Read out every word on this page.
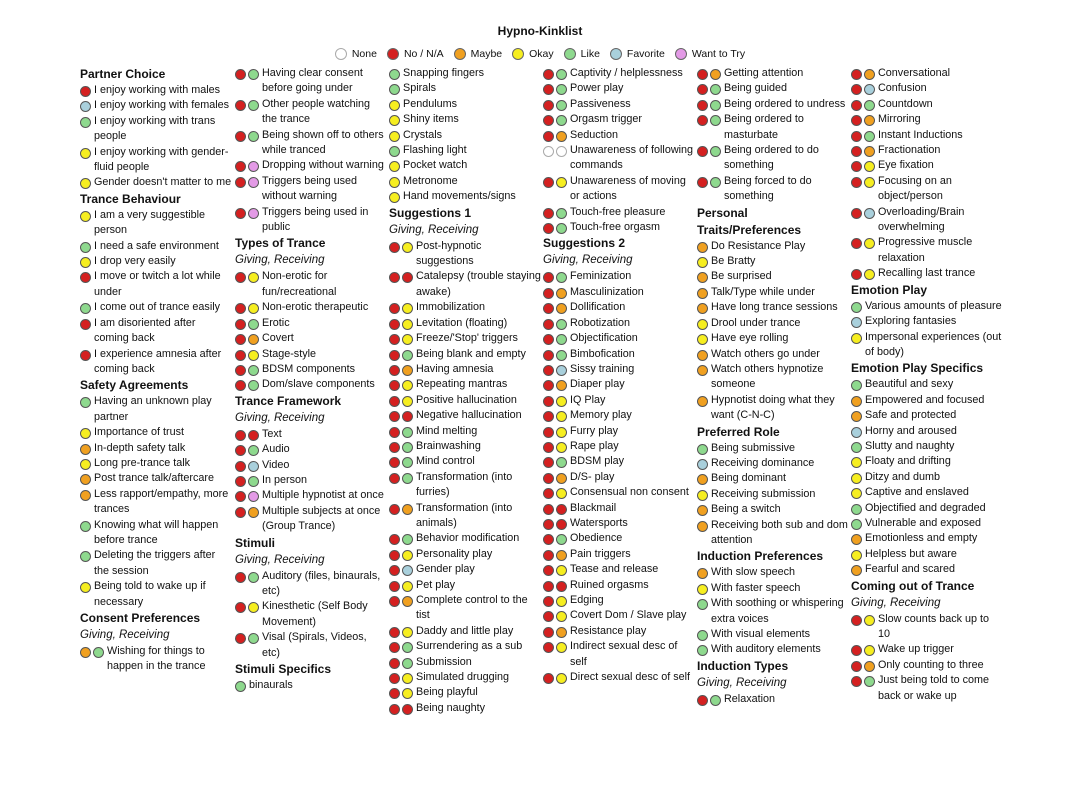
Hypno-Kinklist
None	No / N/A	Maybe	Okay	Like	Favorite	Want to Try
Partner Choice
I enjoy working with males
I enjoy working with females
I enjoy working with trans people
I enjoy working with gender-fluid people
Gender doesn't matter to me
Trance Behaviour
I am a very suggestible person
I need a safe environment
I drop very easily
I move or twitch a lot while under
I come out of trance easily
I am disoriented after coming back
I experience amnesia after coming back
Safety Agreements
Having an unknown play partner
Importance of trust
In-depth safety talk
Long pre-trance talk
Post trance talk/aftercare
Less rapport/empathy, more trances
Knowing what will happen before trance
Deleting the triggers after the session
Being told to wake up if necessary
Consent Preferences
Giving, Receiving
Wishing for things to happen in the trance
Having clear consent before going under
Other people watching the trance
Being shown off to others while tranced
Dropping without warning
Triggers being used without warning
Triggers being used in public
Types of Trance
Giving, Receiving
Non-erotic for fun/recreational
Non-erotic therapeutic
Erotic
Covert
Stage-style
BDSM components
Dom/slave components
Trance Framework
Giving, Receiving
Text
Audio
Video
In person
Multiple hypnotist at once
Multiple subjects at once (Group Trance)
Stimuli
Giving, Receiving
Auditory (files, binaurals, etc)
Kinesthetic (Self Body Movement)
Visal (Spirals, Videos, etc)
Stimuli Specifics
binaurals
Snapping fingers
Spirals
Pendulums
Shiny items
Crystals
Flashing light
Pocket watch
Metronome
Hand movements/signs
Suggestions 1
Giving, Receiving
Post-hypnotic suggestions
Catalepsy (trouble staying awake)
Immobilization
Levitation (floating)
Freeze/'Stop' triggers
Being blank and empty
Having amnesia
Repeating mantras
Positive hallucination
Negative hallucination
Mind melting
Brainwashing
Mind control
Transformation (into furries)
Transformation (into animals)
Behavior modification
Personality play
Gender play
Pet play
Complete control to the tist
Daddy and little play
Surrendering as a sub
Submission
Simulated drugging
Being playful
Being naughty
Captivity / helplessness
Power play
Passiveness
Orgasm trigger
Seduction
Unawareness of following commands
Unawareness of moving or actions
Touch-free pleasure
Touch-free orgasm
Suggestions 2
Giving, Receiving
Feminization
Masculinization
Dollification
Robotization
Objectification
Bimbofication
Sissy training
Diaper play
IQ Play
Memory play
Furry play
Rape play
BDSM play
D/S- play
Consensual non consent
Blackmail
Watersports
Obedience
Pain triggers
Tease and release
Ruined orgasms
Edging
Covert Dom / Slave play
Resistance play
Indirect sexual desc of self
Direct sexual desc of self
Getting attention
Being guided
Being ordered to undress
Being ordered to masturbate
Being ordered to do something
Being forced to do something
Personal
Traits/Preferences
Do Resistance Play
Be Bratty
Be surprised
Talk/Type while under
Have long trance sessions
Drool under trance
Have eye rolling
Watch others go under
Watch others hypnotize someone
Hypnotist doing what they want (C-N-C)
Preferred Role
Being submissive
Receiving dominance
Being dominant
Receiving submission
Being a switch
Receiving both sub and dom attention
Induction Preferences
With slow speech
With faster speech
With soothing or whispering extra voices
With visual elements
With auditory elements
Induction Types
Giving, Receiving
Relaxation
Conversational
Confusion
Countdown
Mirroring
Instant Inductions
Fractionation
Eye fixation
Focusing on an object/person
Overloading/Brain overwhelming
Progressive muscle relaxation
Recalling last trance
Emotion Play
Various amounts of pleasure
Exploring fantasies
Impersonal experiences (out of body)
Emotion Play Specifics
Beautiful and sexy
Empowered and focused
Safe and protected
Horny and aroused
Slutty and naughty
Floaty and drifting
Ditzy and dumb
Captive and enslaved
Objectified and degraded
Vulnerable and exposed
Emotionless and empty
Helpless but aware
Fearful and scared
Coming out of Trance
Giving, Receiving
Slow counts back up to 10
Wake up trigger
Only counting to three
Just being told to come back or wake up
